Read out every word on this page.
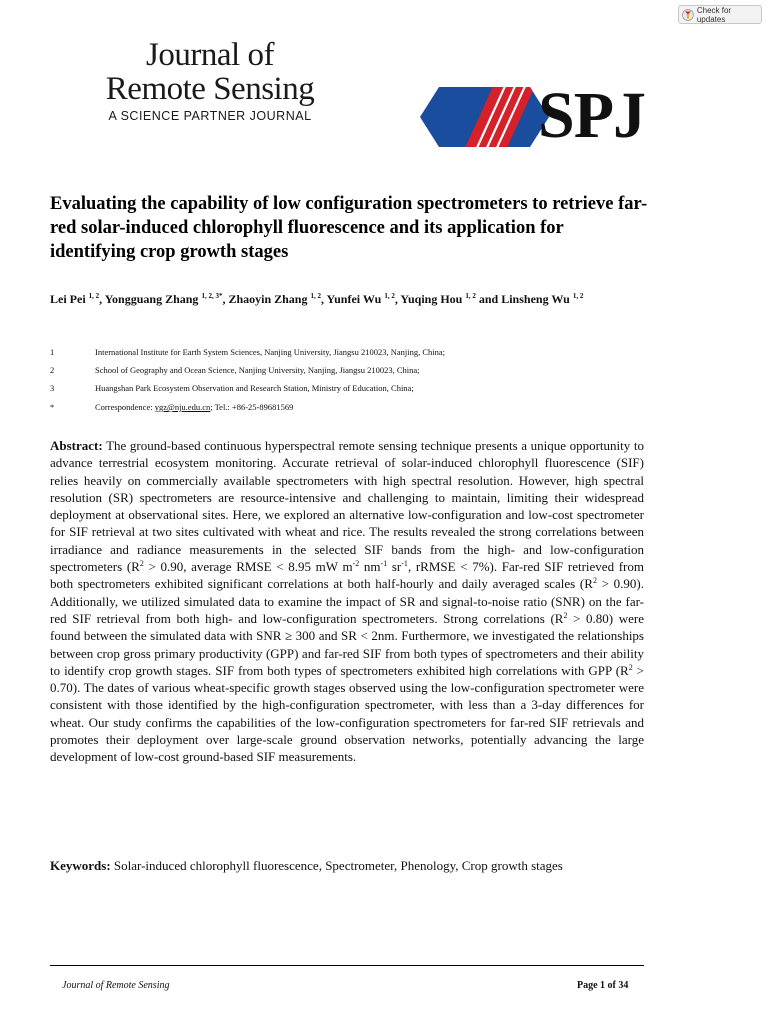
Check for updates
Journal of
Remote Sensing
A SCIENCE PARTNER JOURNAL	SPJ
Evaluating the capability of low configuration spectrometers to retrieve far-red solar-induced chlorophyll fluorescence and its application for identifying crop growth stages
Lei Pei $^{1, 2}$, Yongguang Zhang $^{1, 2, 3*}$, Zhaoyin Zhang $^{1, 2}$, Yunfei Wu $^{1, 2}$, Yuqing Hou $^{1, 2}$ and Linsheng Wu $^{1, 2}$
1	International Institute for Earth System Sciences, Nanjing University, Jiangsu 210023, Nanjing, China;
2	School of Geography and Ocean Science, Nanjing University, Nanjing, Jiangsu 210023, China;
3	Huangshan Park Ecosystem Observation and Research Station, Ministry of Education, China;
*	Correspondence: ygz@nju.edu.cn; Tel.: +86-25-89681569
Abstract: The ground-based continuous hyperspectral remote sensing technique presents a unique opportunity to advance terrestrial ecosystem monitoring. Accurate retrieval of solar-induced chlorophyll fluorescence (SIF) relies heavily on commercially available spectrometers with high spectral resolution. However, high spectral resolution (SR) spectrometers are resource-intensive and challenging to maintain, limiting their widespread deployment at observational sites. Here, we explored an alternative low-configuration and low-cost spectrometer for SIF retrieval at two sites cultivated with wheat and rice. The results revealed the strong correlations between irradiance and radiance measurements in the selected SIF bands from the high- and low-configuration spectrometers ($R^2 > 0.90$, average RMSE < 8.95 mW $m^{-2}$ $nm^{-1}$ $sr^{-1}$, rRMSE < 7%). Far-red SIF retrieved from both spectrometers exhibited significant correlations at both half-hourly and daily averaged scales $(R^2 > 0.90)$. Additionally, we utilized simulated data to examine the impact of SR and signal-to-noise ratio (SNR) on the far-red SIF retrieval from both high- and low-configuration spectrometers. Strong correlations $(R^2 > 0.80)$ were found between the simulated data with SNR ≥ 300 and SR < 2nm. Furthermore, we investigated the relationships between crop gross primary productivity (GPP) and far-red SIF from both types of spectrometers and their ability to identify crop growth stages. SIF from both types of spectrometers exhibited high correlations with GPP $(R^2 > 0.70)$. The dates of various wheat-specific growth stages observed using the low-configuration spectrometer were consistent with those identified by the high-configuration spectrometer, with less than a 3-day differences for wheat. Our study confirms the capabilities of the low-configuration spectrometers for far-red SIF retrievals and promotes their deployment over large-scale ground observation networks, potentially advancing the large development of low-cost ground-based SIF measurements.
Keywords: Solar-induced chlorophyll fluorescence, Spectrometer, Phenology, Crop growth stages
Journal of Remote Sensing	Page 1 of 34
